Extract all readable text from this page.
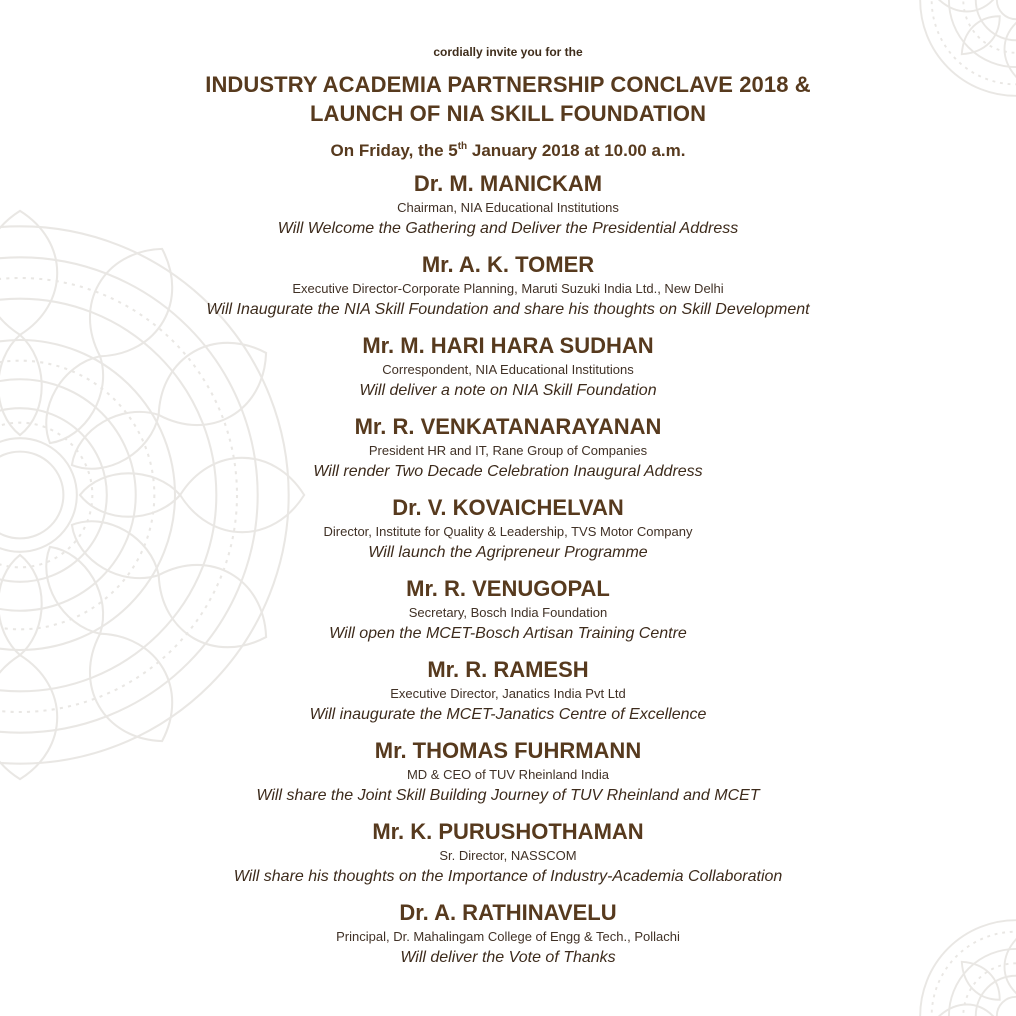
cordially invite you for the
INDUSTRY ACADEMIA PARTNERSHIP CONCLAVE 2018 &
LAUNCH OF NIA SKILL FOUNDATION
On Friday, the 5th January 2018 at 10.00 a.m.
Dr. M. MANICKAM
Chairman, NIA Educational Institutions
Will Welcome the Gathering and Deliver the Presidential Address
Mr. A. K. TOMER
Executive Director-Corporate Planning, Maruti Suzuki India Ltd., New Delhi
Will Inaugurate the NIA Skill Foundation and share his thoughts on Skill Development
Mr. M. HARI HARA SUDHAN
Correspondent, NIA Educational Institutions
Will deliver a note on NIA Skill Foundation
Mr. R. VENKATANARAYANAN
President HR and IT, Rane Group of Companies
Will render Two Decade Celebration Inaugural Address
Dr. V. KOVAICHELVAN
Director, Institute for Quality & Leadership, TVS Motor Company
Will launch the Agripreneur Programme
Mr. R. VENUGOPAL
Secretary, Bosch India Foundation
Will open the MCET-Bosch Artisan Training Centre
Mr. R. RAMESH
Executive Director, Janatics India Pvt Ltd
Will inaugurate the MCET-Janatics Centre of Excellence
Mr. THOMAS FUHRMANN
MD & CEO of TUV Rheinland India
Will share the Joint Skill Building Journey of TUV Rheinland and MCET
Mr. K. PURUSHOTHAMAN
Sr. Director, NASSCOM
Will share his thoughts on the Importance of Industry-Academia Collaboration
Dr. A. RATHINAVELU
Principal, Dr. Mahalingam College of Engg & Tech., Pollachi
Will deliver the Vote of Thanks
